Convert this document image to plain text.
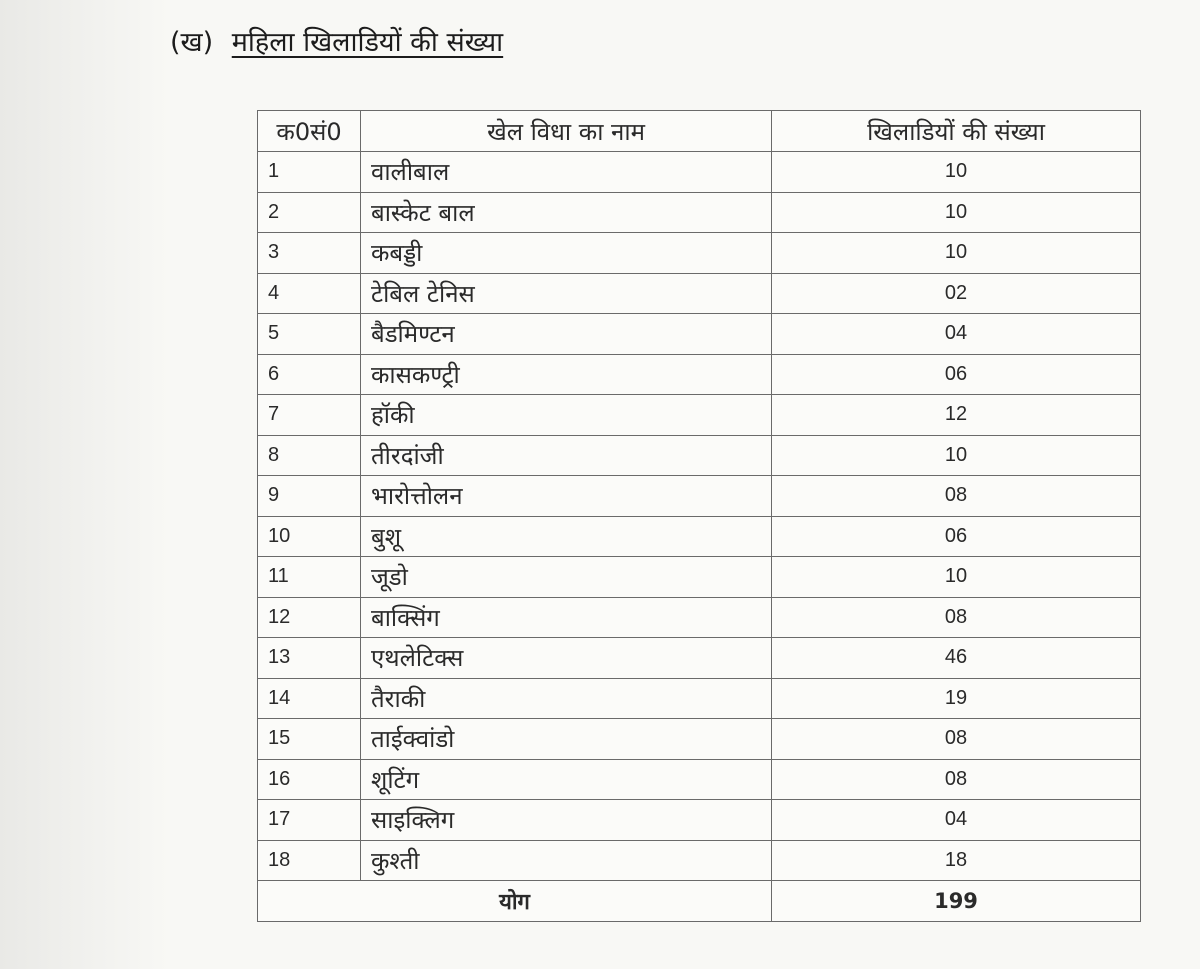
(ख) महिला खिलाडियों की संख्या
क0सं0	खेल विधा का नाम	खिलाडियों की संख्या
1	वालीबाल	10
2	बास्केट बाल	10
3	कबड्डी	10
4	टेबिल टेनिस	02
5	बैडमिण्टन	04
6	कासकण्ट्री	06
7	हॉकी	12
8	तीरदांजी	10
9	भारोत्तोलन	08
10	बुशू	06
11	जूडो	10
12	बाक्सिंग	08
13	एथलेटिक्स	46
14	तैराकी	19
15	ताईक्वांडो	08
16	शूटिंग	08
17	साइक्लिग	04
18	कुश्ती	18
योग		199
